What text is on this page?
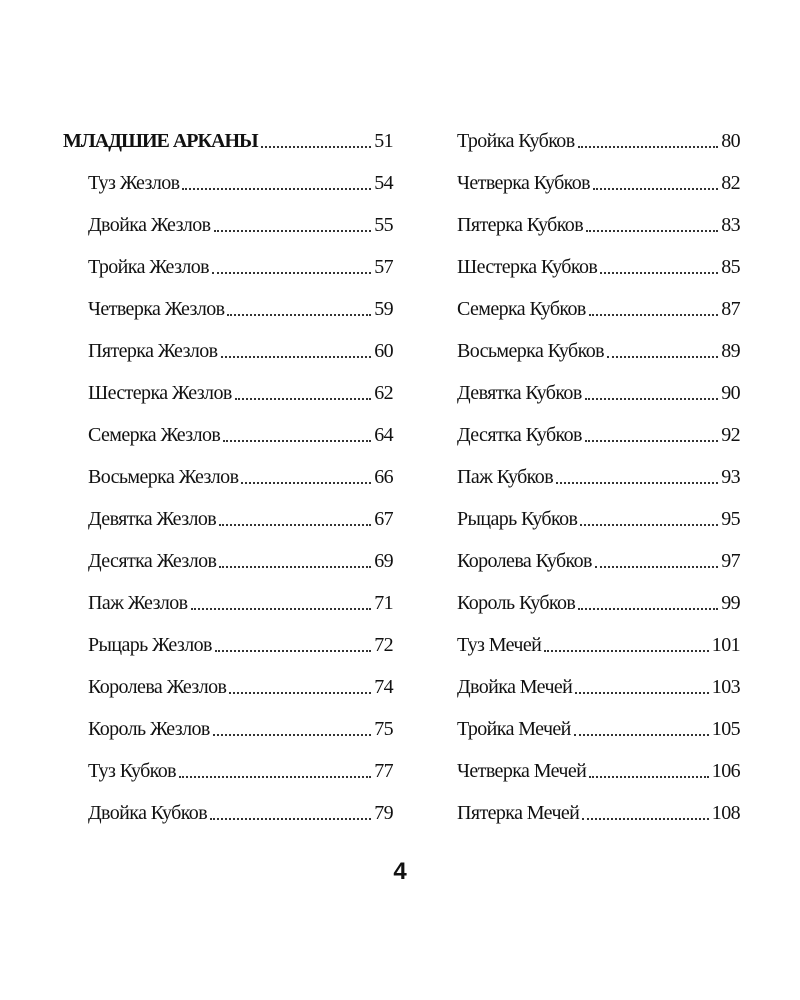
МЛАДШИЕ АРКАНЫ	51
Туз Жезлов	54
Двойка Жезлов	55
Тройка Жезлов	57
Четверка Жезлов	59
Пятерка Жезлов	60
Шестерка Жезлов	62
Семерка Жезлов	64
Восьмерка Жезлов	66
Девятка Жезлов	67
Десятка Жезлов	69
Паж Жезлов	71
Рыцарь Жезлов	72
Королева Жезлов	74
Король Жезлов	75
Туз Кубков	77
Двойка Кубков	79
Тройка Кубков	80
Четверка Кубков	82
Пятерка Кубков	83
Шестерка Кубков	85
Семерка Кубков	87
Восьмерка Кубков	89
Девятка Кубков	90
Десятка Кубков	92
Паж Кубков	93
Рыцарь Кубков	95
Королева Кубков	97
Король Кубков	99
Туз Мечей	101
Двойка Мечей	103
Тройка Мечей	105
Четверка Мечей	106
Пятерка Мечей	108
4
